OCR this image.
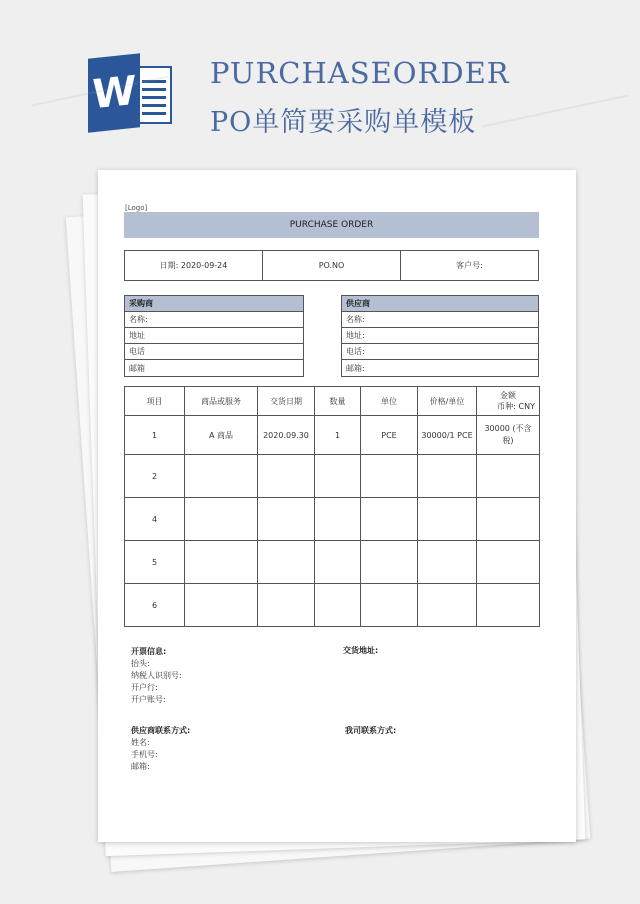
W	PURCHASEORDER
PO单简要采购单模板
[Logo]
PURCHASE ORDER
日期: 2020-09-24	PO.NO	客户号:
采购商
名称:
地址
电话
邮箱
供应商
名称:
地址:
电话:
邮箱:
项目	商品或服务	交货日期	数量	单位	价格/单位	金额
币种: CNY

1	A 商品	2020.09.30	1	PCE	30000/1 PCE	30000 (不含税)
2						
4						
5						
6						
开票信息:
抬头:
纳税人识别号:
开户行:
开户账号:
交货地址:
供应商联系方式:
姓名:
手机号:
邮箱:
我司联系方式:
